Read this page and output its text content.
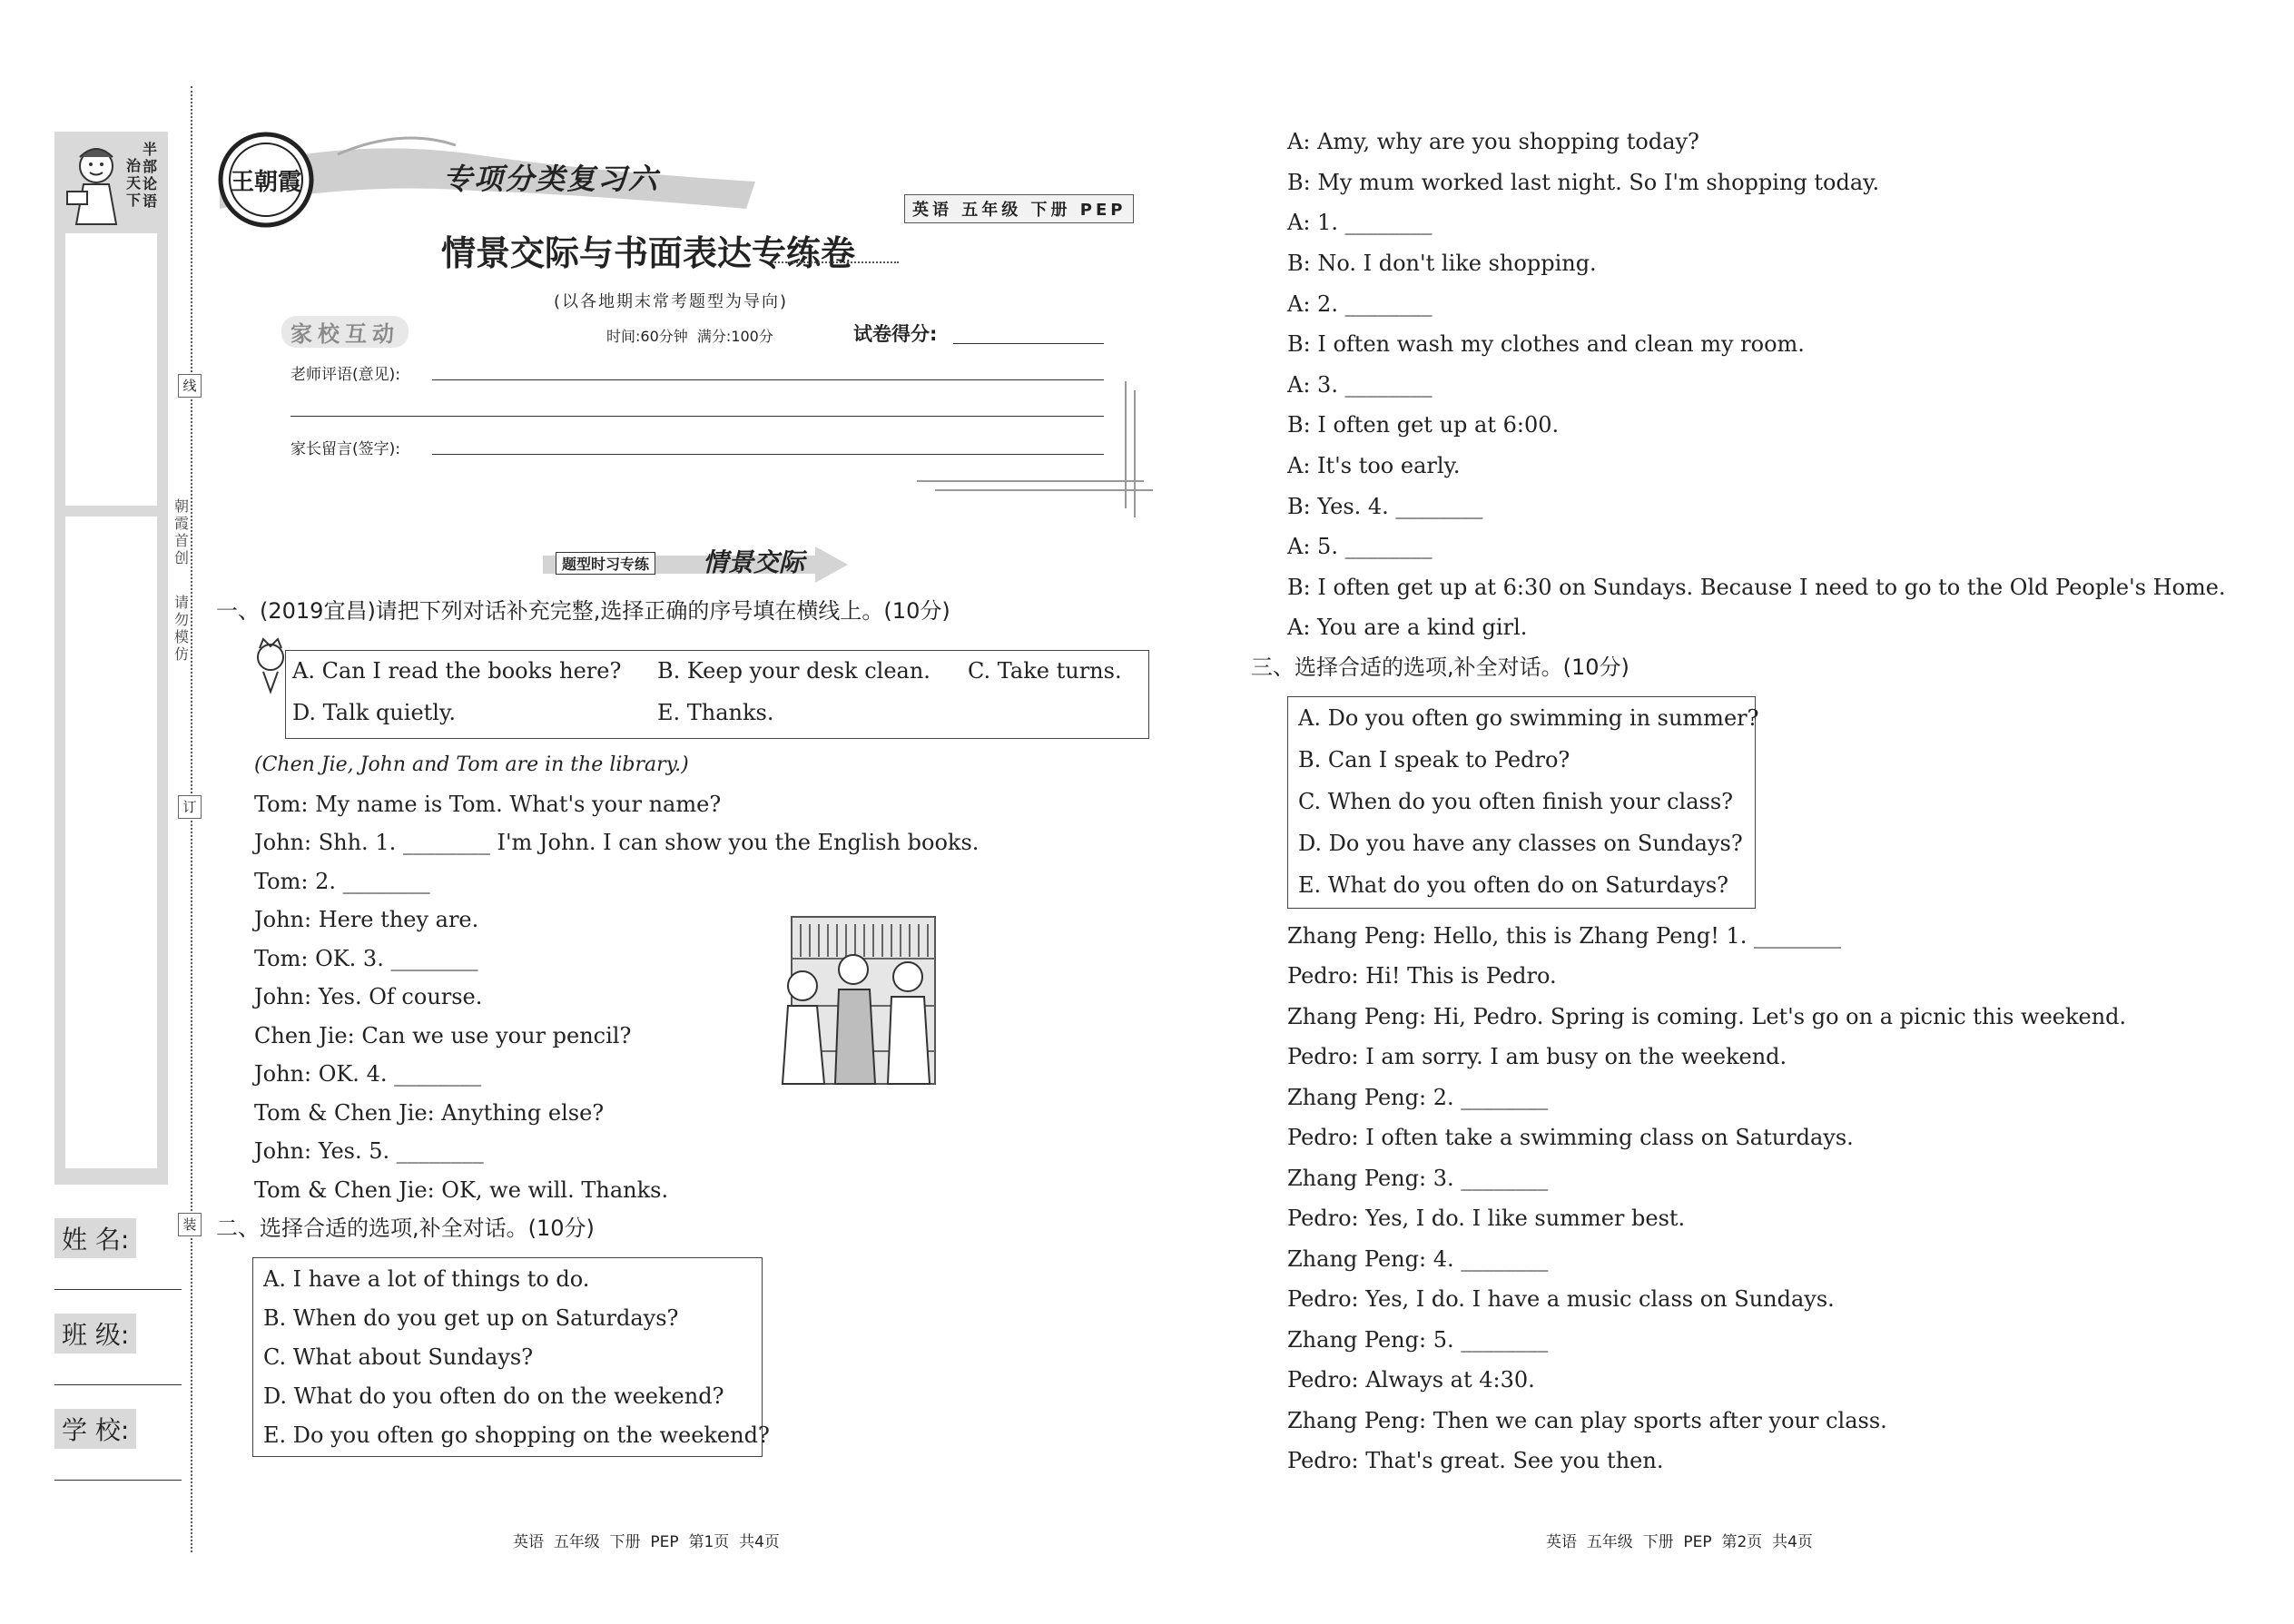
半部论语
治天下
线
订
装
朝霞首创
请勿模仿
姓 名:
班 级:
学 校:
王朝霞	专项分类复习六
英语 五年级 下册 PEP
情景交际与书面表达专练卷
(以各地期末常考题型为导向)
家校互动	时间:60分钟  满分:100分	试卷得分:
老师评语(意见):
家长留言(签字):
题型时习专练 情景交际
一、(2019宜昌)请把下列对话补充完整,选择正确的序号填在横线上。(10分)
A. Can I read the books here? B. Keep your desk clean. C. Take turns.
D. Talk quietly.	E. Thanks.
(Chen Jie, John and Tom are in the library.)
Tom: My name is Tom. What's your name?
John: Shh. 1. ________ I'm John. I can show you the English books.
Tom: 2. ________
John: Here they are.
Tom: OK. 3. ________
John: Yes. Of course.
Chen Jie: Can we use your pencil?
John: OK. 4. ________
Tom & Chen Jie: Anything else?
John: Yes. 5. ________
Tom & Chen Jie: OK, we will. Thanks.
二、选择合适的选项,补全对话。(10分)
A. I have a lot of things to do.
B. When do you get up on Saturdays?
C. What about Sundays?
D. What do you often do on the weekend?
E. Do you often go shopping on the weekend?
英语  五年级  下册  PEP  第1页  共4页
A: Amy, why are you shopping today?
B: My mum worked last night. So I'm shopping today.
A: 1. ________
B: No. I don't like shopping.
A: 2. ________
B: I often wash my clothes and clean my room.
A: 3. ________
B: I often get up at 6:00.
A: It's too early.
B: Yes. 4. ________
A: 5. ________
B: I often get up at 6:30 on Sundays. Because I need to go to the Old People's Home.
A: You are a kind girl.
三、选择合适的选项,补全对话。(10分)
A. Do you often go swimming in summer?
B. Can I speak to Pedro?
C. When do you often finish your class?
D. Do you have any classes on Sundays?
E. What do you often do on Saturdays?
Zhang Peng: Hello, this is Zhang Peng! 1. ________
Pedro: Hi! This is Pedro.
Zhang Peng: Hi, Pedro. Spring is coming. Let's go on a picnic this weekend.
Pedro: I am sorry. I am busy on the weekend.
Zhang Peng: 2. ________
Pedro: I often take a swimming class on Saturdays.
Zhang Peng: 3. ________
Pedro: Yes, I do. I like summer best.
Zhang Peng: 4. ________
Pedro: Yes, I do. I have a music class on Sundays.
Zhang Peng: 5. ________
Pedro: Always at 4:30.
Zhang Peng: Then we can play sports after your class.
Pedro: That's great. See you then.
英语  五年级  下册  PEP  第2页  共4页
